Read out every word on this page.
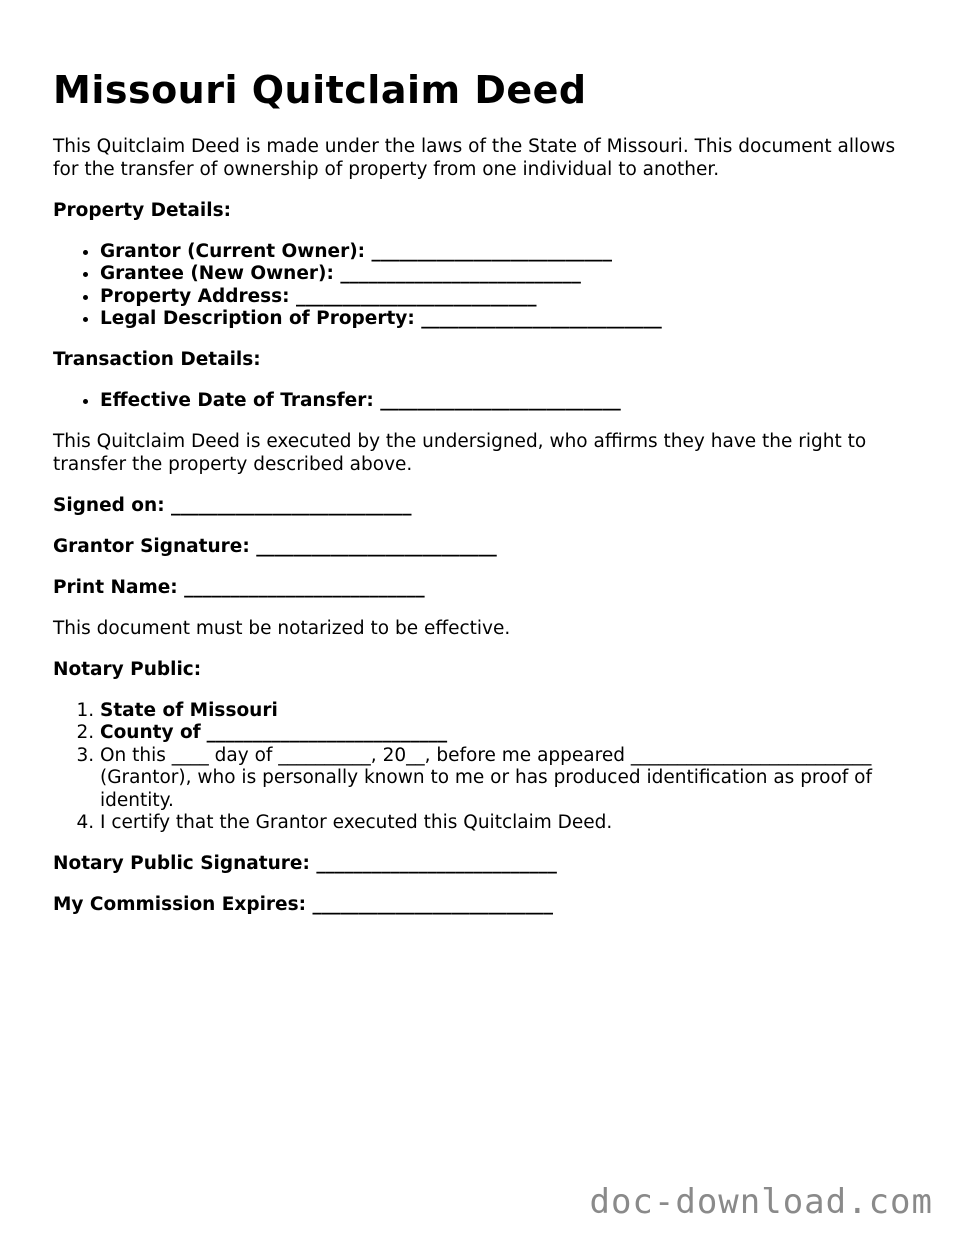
Missouri Quitclaim Deed

This Quitclaim Deed is made under the laws of the State of Missouri. This document allows for the transfer of ownership of property from one individual to another.

Property Details:

• Grantor (Current Owner): __________________________
• Grantee (New Owner): __________________________
• Property Address: __________________________
• Legal Description of Property: __________________________

Transaction Details:

• Effective Date of Transfer: __________________________

This Quitclaim Deed is executed by the undersigned, who affirms they have the right to transfer the property described above.

Signed on: __________________________

Grantor Signature: __________________________

Print Name: __________________________

This document must be notarized to be effective.

Notary Public:

1. State of Missouri
2. County of __________________________
3. On this ____ day of __________, 20__, before me appeared __________________________ (Grantor), who is personally known to me or has produced identification as proof of identity.
4. I certify that the Grantor executed this Quitclaim Deed.

Notary Public Signature: __________________________

My Commission Expires: __________________________

doc-download.com
